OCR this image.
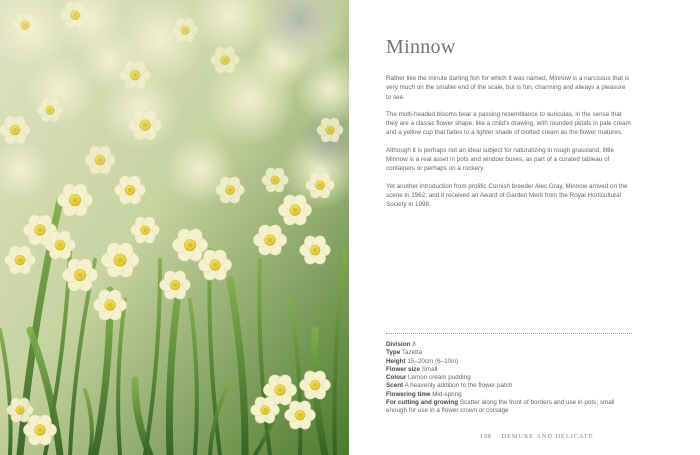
Minnow

Rather like the minute darting fish for which it was named, Minnow is a narcissus that is very much on the smaller end of the scale, but is fun, charming and always a pleasure to see.

The multi-headed blooms bear a passing resemblance to auriculas, in the sense that they are a classic flower shape, like a child's drawing, with rounded petals in pale cream and a yellow cup that fades to a lighter shade of clotted cream as the flower matures.

Although it is perhaps not an ideal subject for naturalizing in rough grassland, little Minnow is a real asset in pots and window boxes, as part of a curated tableau of containers or perhaps on a rockery.

Yet another introduction from prolific Cornish breeder Alec Gray, Minnow arrived on the scene in 1962, and it received an Award of Garden Merit from the Royal Horticultural Society in 1998.

Division 8
Type Tazetta
Height 15–20cm (6–10in)
Flower size Small
Colour Lemon cream pudding
Scent A heavenly addition to the flower patch
Flowering time Mid-spring
For cutting and growing Scatter along the front of borders and use in pots; small enough for use in a flower crown or corsage
139 DEMURE AND DELICATE
